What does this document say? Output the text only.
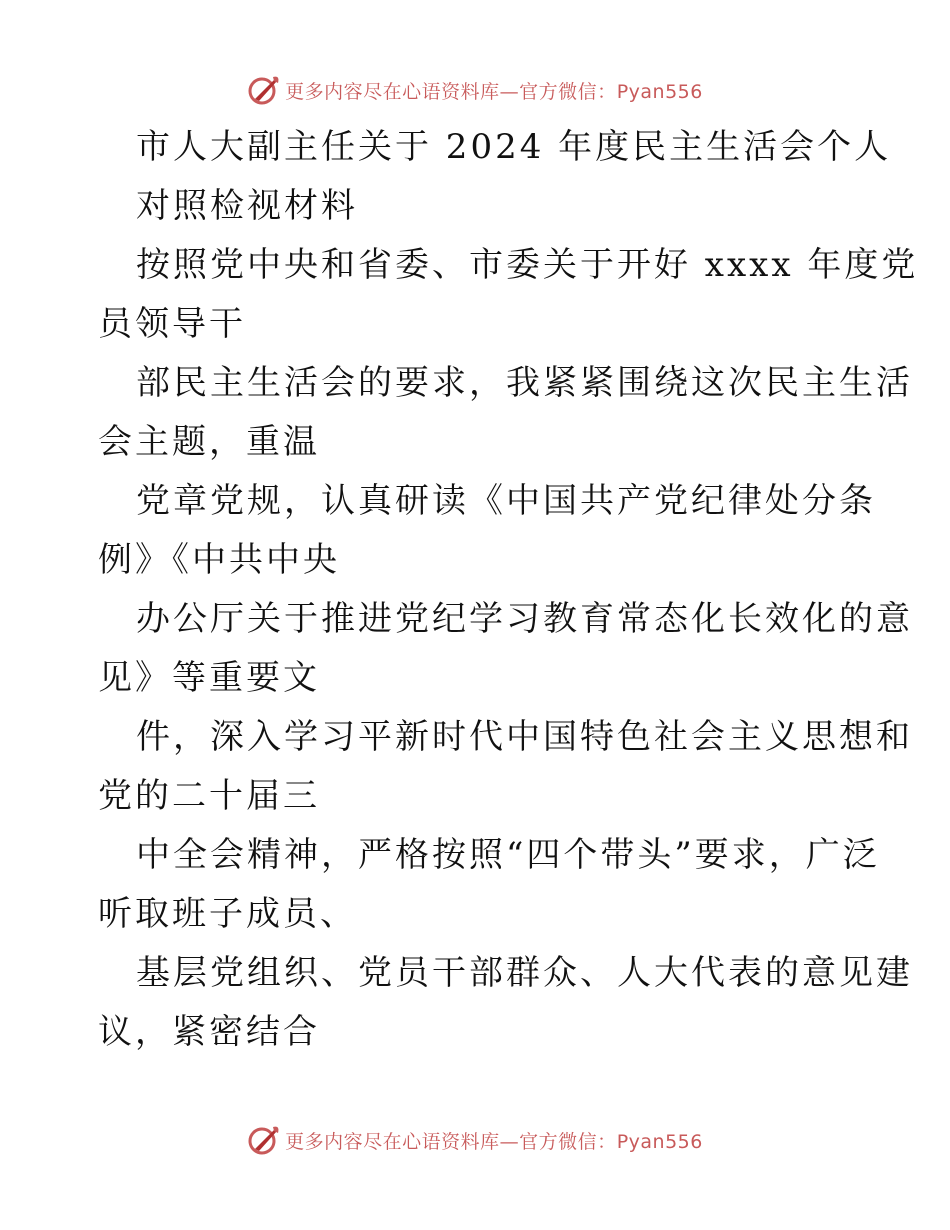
更多内容尽在心语资料库—官方微信：Pyan556
市人大副主任关于 2024 年度民主生活会个人
对照检视材料
按照党中央和省委、市委关于开好 xxxx 年度党
员领导干
部民主生活会的要求，我紧紧围绕这次民主生活
会主题，重温
党章党规，认真研读《中国共产党纪律处分条
例》《中共中央
办公厅关于推进党纪学习教育常态化长效化的意
见》等重要文
件，深入学习平新时代中国特色社会主义思想和
党的二十届三
中全会精神，严格按照“四个带头”要求，广泛
听取班子成员、
基层党组织、党员干部群众、人大代表的意见建
议，紧密结合
更多内容尽在心语资料库—官方微信：Pyan556
